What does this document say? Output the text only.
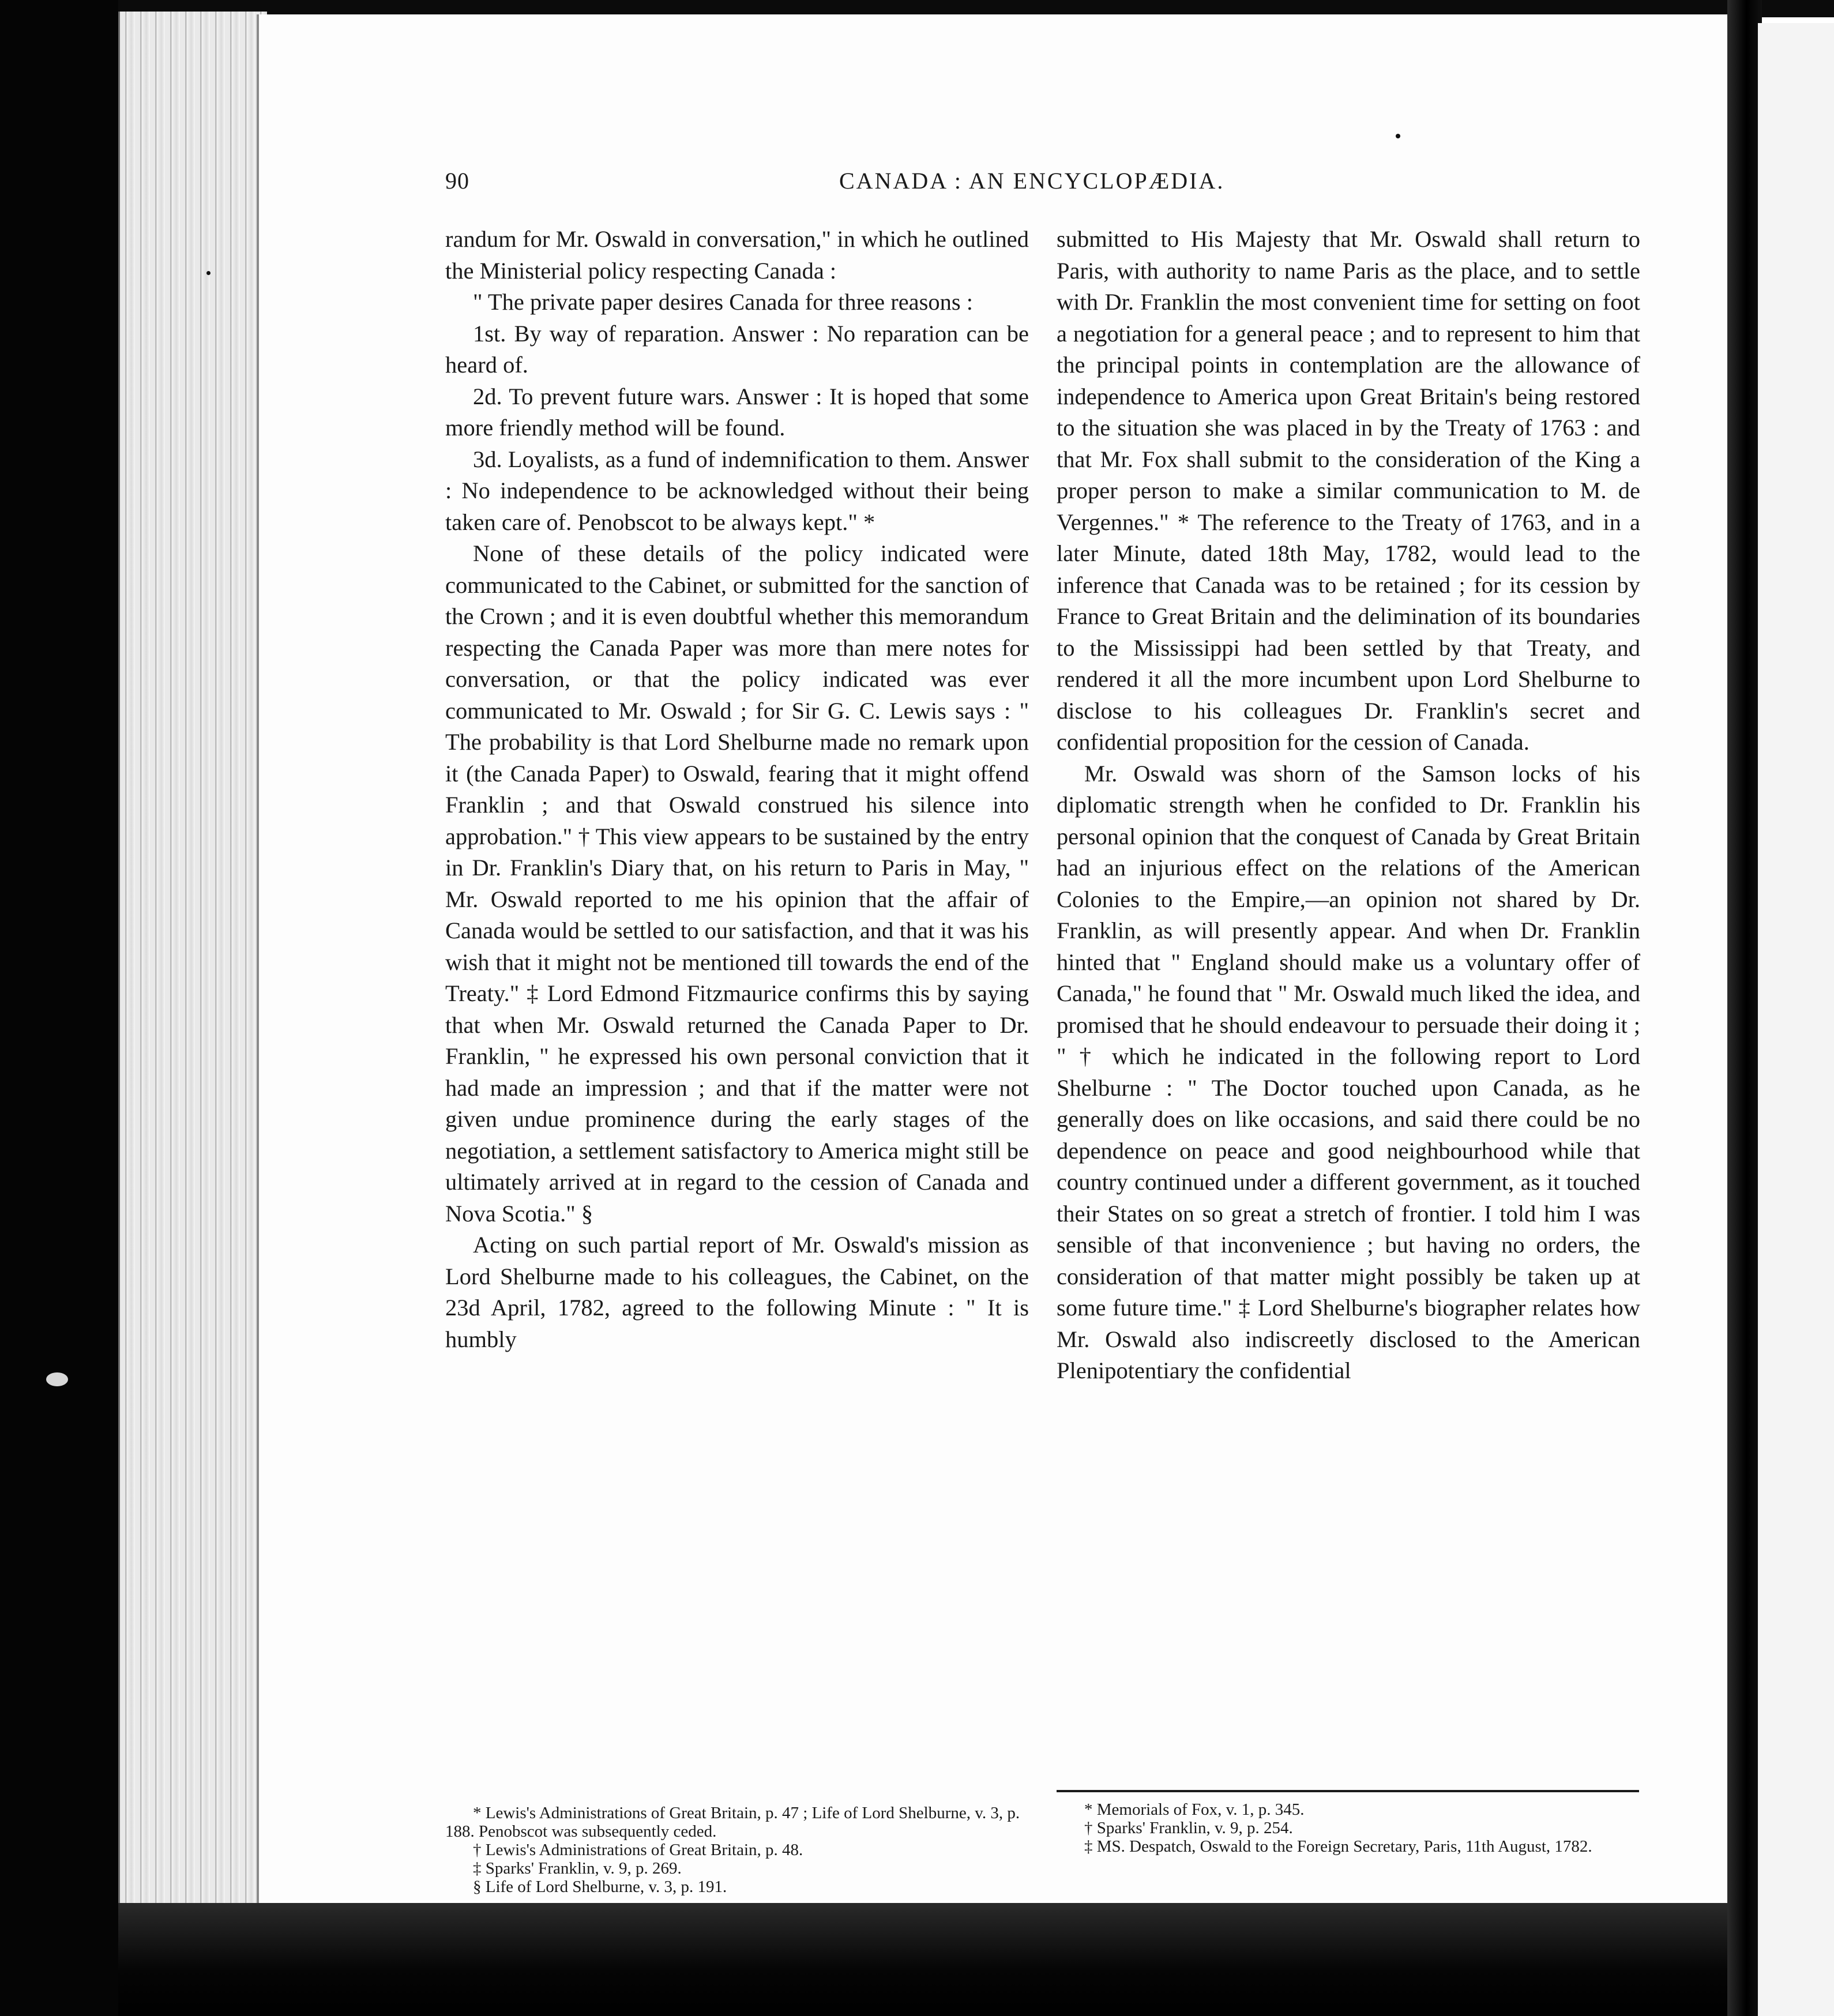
90	CANADA : AN ENCYCLOPÆDIA.

randum for Mr. Oswald in conversation," in which he outlined the Ministerial policy respecting Canada :

" The private paper desires Canada for three reasons :

1st. By way of reparation. Answer : No reparation can be heard of.

2d. To prevent future wars. Answer : It is hoped that some more friendly method will be found.

3d. Loyalists, as a fund of indemnification to them. Answer : No independence to be acknowledged without their being taken care of. Penobscot to be always kept." *

None of these details of the policy indicated were communicated to the Cabinet, or submitted for the sanction of the Crown ; and it is even doubtful whether this memorandum respecting the Canada Paper was more than mere notes for conversation, or that the policy indicated was ever communicated to Mr. Oswald ; for Sir G. C. Lewis says : " The probability is that Lord Shelburne made no remark upon it (the Canada Paper) to Oswald, fearing that it might offend Franklin ; and that Oswald construed his silence into approbation." † This view appears to be sustained by the entry in Dr. Franklin's Diary that, on his return to Paris in May, " Mr. Oswald reported to me his opinion that the affair of Canada would be settled to our satisfaction, and that it was his wish that it might not be mentioned till towards the end of the Treaty." ‡ Lord Edmond Fitzmaurice confirms this by saying that when Mr. Oswald returned the Canada Paper to Dr. Franklin, " he expressed his own personal conviction that it had made an impression ; and that if the matter were not given undue prominence during the early stages of the negotiation, a settlement satisfactory to America might still be ultimately arrived at in regard to the cession of Canada and Nova Scotia." §

Acting on such partial report of Mr. Oswald's mission as Lord Shelburne made to his colleagues, the Cabinet, on the 23d April, 1782, agreed to the following Minute : " It is humbly

submitted to His Majesty that Mr. Oswald shall return to Paris, with authority to name Paris as the place, and to settle with Dr. Franklin the most convenient time for setting on foot a negotiation for a general peace ; and to represent to him that the principal points in contemplation are the allowance of independence to America upon Great Britain's being restored to the situation she was placed in by the Treaty of 1763 : and that Mr. Fox shall submit to the consideration of the King a proper person to make a similar communication to M. de Vergennes." * The reference to the Treaty of 1763, and in a later Minute, dated 18th May, 1782, would lead to the inference that Canada was to be retained ; for its cession by France to Great Britain and the delimination of its boundaries to the Mississippi had been settled by that Treaty, and rendered it all the more incumbent upon Lord Shelburne to disclose to his colleagues Dr. Franklin's secret and confidential proposition for the cession of Canada.

Mr. Oswald was shorn of the Samson locks of his diplomatic strength when he confided to Dr. Franklin his personal opinion that the conquest of Canada by Great Britain had an injurious effect on the relations of the American Colonies to the Empire,—an opinion not shared by Dr. Franklin, as will presently appear. And when Dr. Franklin hinted that " England should make us a voluntary offer of Canada," he found that " Mr. Oswald much liked the idea, and promised that he should endeavour to persuade their doing it ; " † which he indicated in the following report to Lord Shelburne : " The Doctor touched upon Canada, as he generally does on like occasions, and said there could be no dependence on peace and good neighbourhood while that country continued under a different government, as it touched their States on so great a stretch of frontier. I told him I was sensible of that inconvenience ; but having no orders, the consideration of that matter might possibly be taken up at some future time." ‡ Lord Shelburne's biographer relates how Mr. Oswald also indiscreetly disclosed to the American Plenipotentiary the confidential

* Lewis's Administrations of Great Britain, p. 47 ; Life of Lord Shelburne, v. 3, p. 188. Penobscot was subsequently ceded.

† Lewis's Administrations of Great Britain, p. 48.

‡ Sparks' Franklin, v. 9, p. 269.

§ Life of Lord Shelburne, v. 3, p. 191.

* Memorials of Fox, v. 1, p. 345.

† Sparks' Franklin, v. 9, p. 254.

‡ MS. Despatch, Oswald to the Foreign Secretary, Paris, 11th August, 1782.
